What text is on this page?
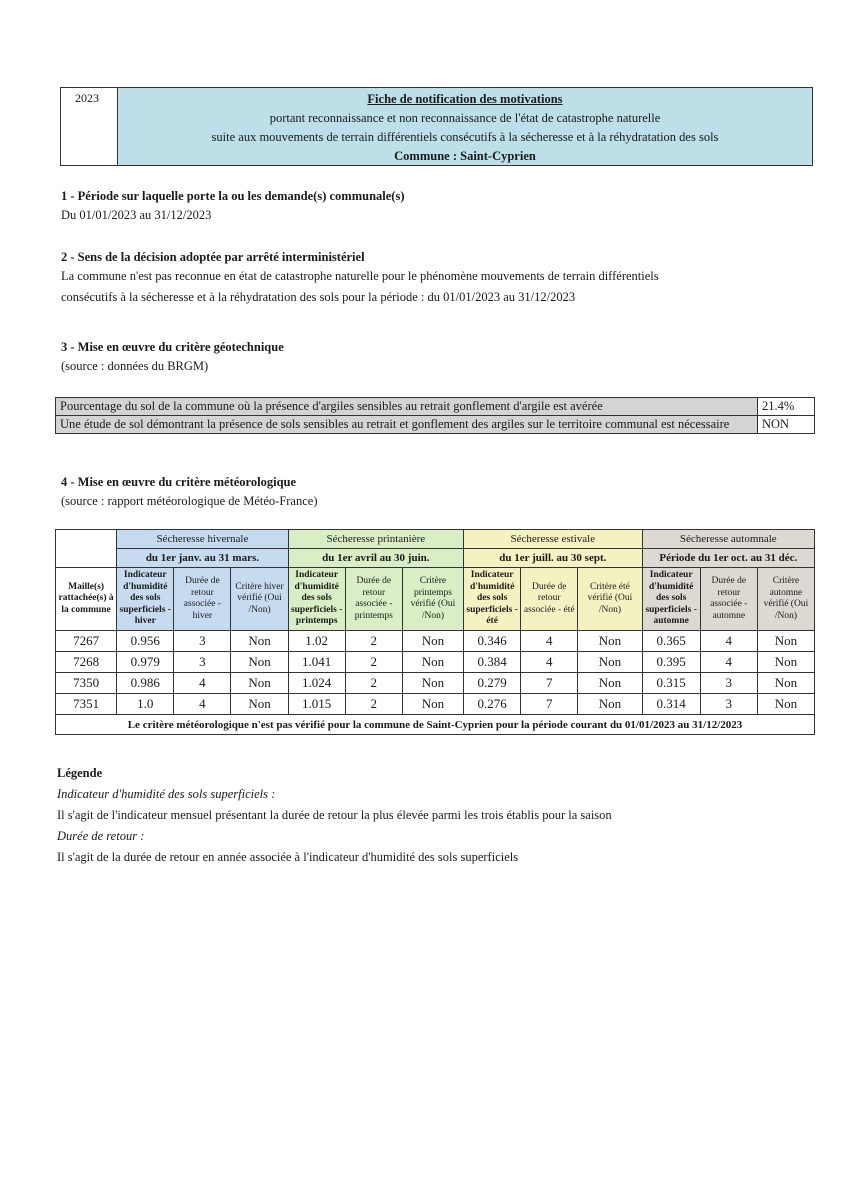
2023	Fiche de notification des motivations
portant reconnaissance et non reconnaissance de l'état de catastrophe naturelle
suite aux mouvements de terrain différentiels consécutifs à la sécheresse et à la réhydratation des sols
Commune : Saint-Cyprien
1 - Période sur laquelle porte la ou les demande(s) communale(s)
Du 01/01/2023 au 31/12/2023
2 - Sens de la décision adoptée par arrêté interministériel
La commune n'est pas reconnue en état de catastrophe naturelle pour le phénomène mouvements de terrain différentiels
consécutifs à la sécheresse et à la réhydratation des sols pour la période : du 01/01/2023 au 31/12/2023
3 - Mise en œuvre du critère géotechnique
(source : données du BRGM)
Pourcentage du sol de la commune où la présence d'argiles sensibles au retrait gonflement d'argile est avérée	21.4%
Une étude de sol démontrant la présence de sols sensibles au retrait et gonflement des argiles sur le territoire communal est nécessaire	NON
4 - Mise en œuvre du critère météorologique
(source : rapport météorologique de Météo-France)
	Sécheresse hivernale			Sécheresse printanière			Sécheresse estivale			Sécheresse automnale		
	du 1er janv. au 31 mars.			du 1er avril au 30 juin.			du 1er juill. au 30 sept.			Période du 1er oct. au 31 déc.		
Maille(s) rattachée(s) à la commune	Indicateur d'humidité des sols superficiels - hiver	Durée de retour associée - hiver	Critère hiver vérifié (Oui /Non)	Indicateur d'humidité des sols superficiels - printemps	Durée de retour associée - printemps	Critère printemps vérifié (Oui /Non)	Indicateur d'humidité des sols superficiels - été	Durée de retour associée - été	Critère été vérifié (Oui /Non)	Indicateur d'humidité des sols superficiels - automne	Durée de retour associée - automne	Critère automne vérifié (Oui /Non)
7267	0.956	3	Non	1.02	2	Non	0.346	4	Non	0.365	4	Non
7268	0.979	3	Non	1.041	2	Non	0.384	4	Non	0.395	4	Non
7350	0.986	4	Non	1.024	2	Non	0.279	7	Non	0.315	3	Non
7351	1.0	4	Non	1.015	2	Non	0.276	7	Non	0.314	3	Non
Le critère météorologique n'est pas vérifié pour la commune de Saint-Cyprien pour la période courant du 01/01/2023 au 31/12/2023												
Légende
Indicateur d'humidité des sols superficiels :
Il s'agit de l'indicateur mensuel présentant la durée de retour la plus élevée parmi les trois établis pour la saison
Durée de retour :
Il s'agit de la durée de retour en année associée à l'indicateur d'humidité des sols superficiels
